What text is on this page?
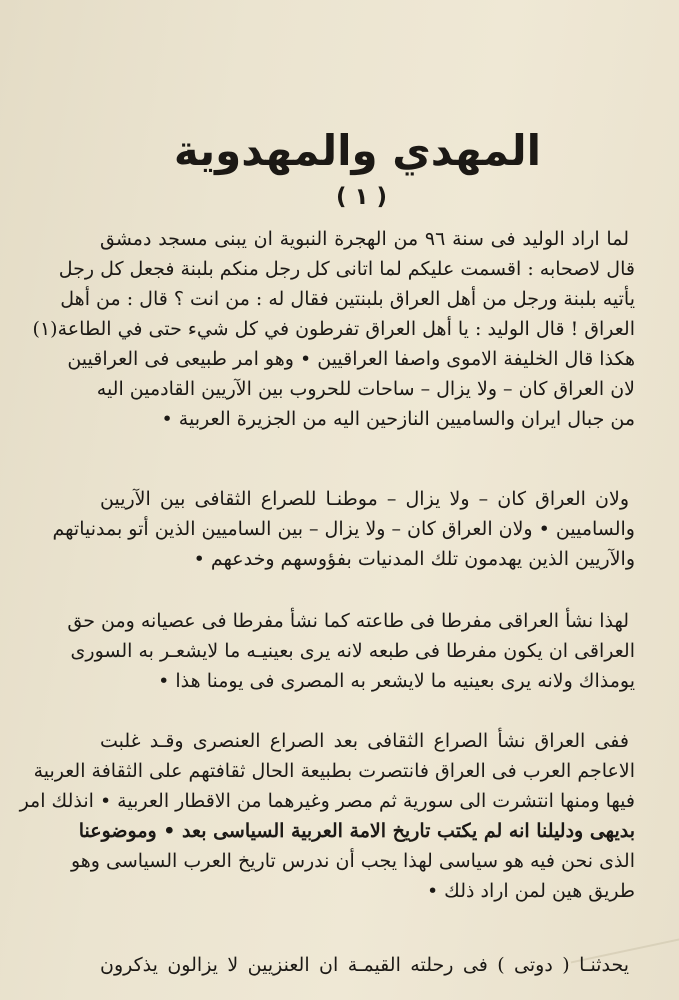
المهدي والمهدوية
( ١ )
لما اراد الوليد فى سنة ٩٦ من الهجرة النبوية ان يبنى مسجد دمشق
قال لاصحابه : اقسمت عليكم لما اتانى كل رجل منكم بلبنة فجعل كل رجل
يأتيه بلبنة ورجل من أهل العراق بلبنتين فقال له : من انت ؟ قال : من أهل
العراق ! قال الوليد : يا أهل العراق تفرطون في كل شيء حتى في الطاعة(١)
هكذا قال الخليفة الاموى واصفا العراقيين • وهو امر طبيعى فى العراقيين
لان العراق كان – ولا يزال – ساحات للحروب بين الآريين القادمين اليه
من جبال ايران والساميين النازحين اليه من الجزيرة العربية •
ولان العراق كان – ولا يزال – موطنـا للصراع الثقافى بين الآريين
والساميين • ولان العراق كان – ولا يزال – بين الساميين الذين أتو بمدنياتهم
والآريين الذين يهدمون تلك المدنيات بفؤوسهم وخدعهم •
لهذا نشأ العراقى مفرطا فى طاعته كما نشأ مفرطا فى عصيانه ومن حق
العراقى ان يكون مفرطا فى طبعه لانه يرى بعينيـه ما لايشعـر به السورى
يومذاك ولانه يرى بعينيه ما لايشعر به المصرى فى يومنا هذا •
ففى العراق نشأ الصراع الثقافى بعد الصراع العنصرى وقـد غلبت
الاعاجم العرب فى العراق فانتصرت بطبيعة الحال ثقافتهم على الثقافة العربية
فيها ومنها انتشرت الى سورية ثم مصر وغيرهما من الاقطار العربية • انذلك امر
بديهى ودليلنا انه لم يكتب تاريخ الامة العربية السياسى بعد • وموضوعنا
الذى نحن فيه هو سياسى لهذا يجب أن ندرس تاريخ العرب السياسى وهو
طريق هين لمن اراد ذلك •
يحدثنـا ( دوتى ) فى رحلته القيمـة ان العنزيين لا يزالون يذكرون
